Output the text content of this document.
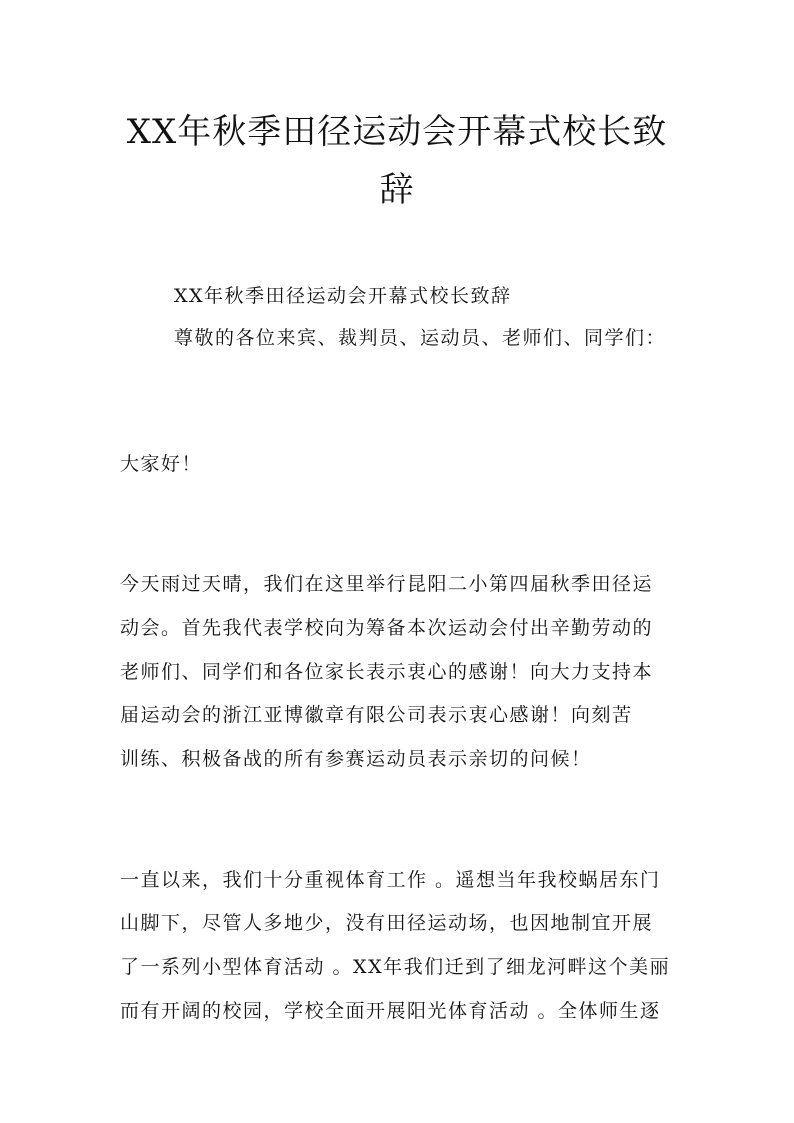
XX年秋季田径运动会开幕式校长致
辞
XX年秋季田径运动会开幕式校长致辞
尊敬的各位来宾、裁判员、运动员、老师们、同学们：
大家好！
今天雨过天晴，我们在这里举行昆阳二小第四届秋季田径运
动会。首先我代表学校向为筹备本次运动会付出辛勤劳动的
老师们、同学们和各位家长表示衷心的感谢！向大力支持本
届运动会的浙江亚博徽章有限公司表示衷心感谢！向刻苦
训练、积极备战的所有参赛运动员表示亲切的问候！
一直以来，我们十分重视体育工作 。遥想当年我校蜗居东门
山脚下，尽管人多地少，没有田径运动场，也因地制宜开展
了一系列小型体育活动 。XX年我们迁到了细龙河畔这个美丽
而有开阔的校园，学校全面开展阳光体育活动 。全体师生逐
